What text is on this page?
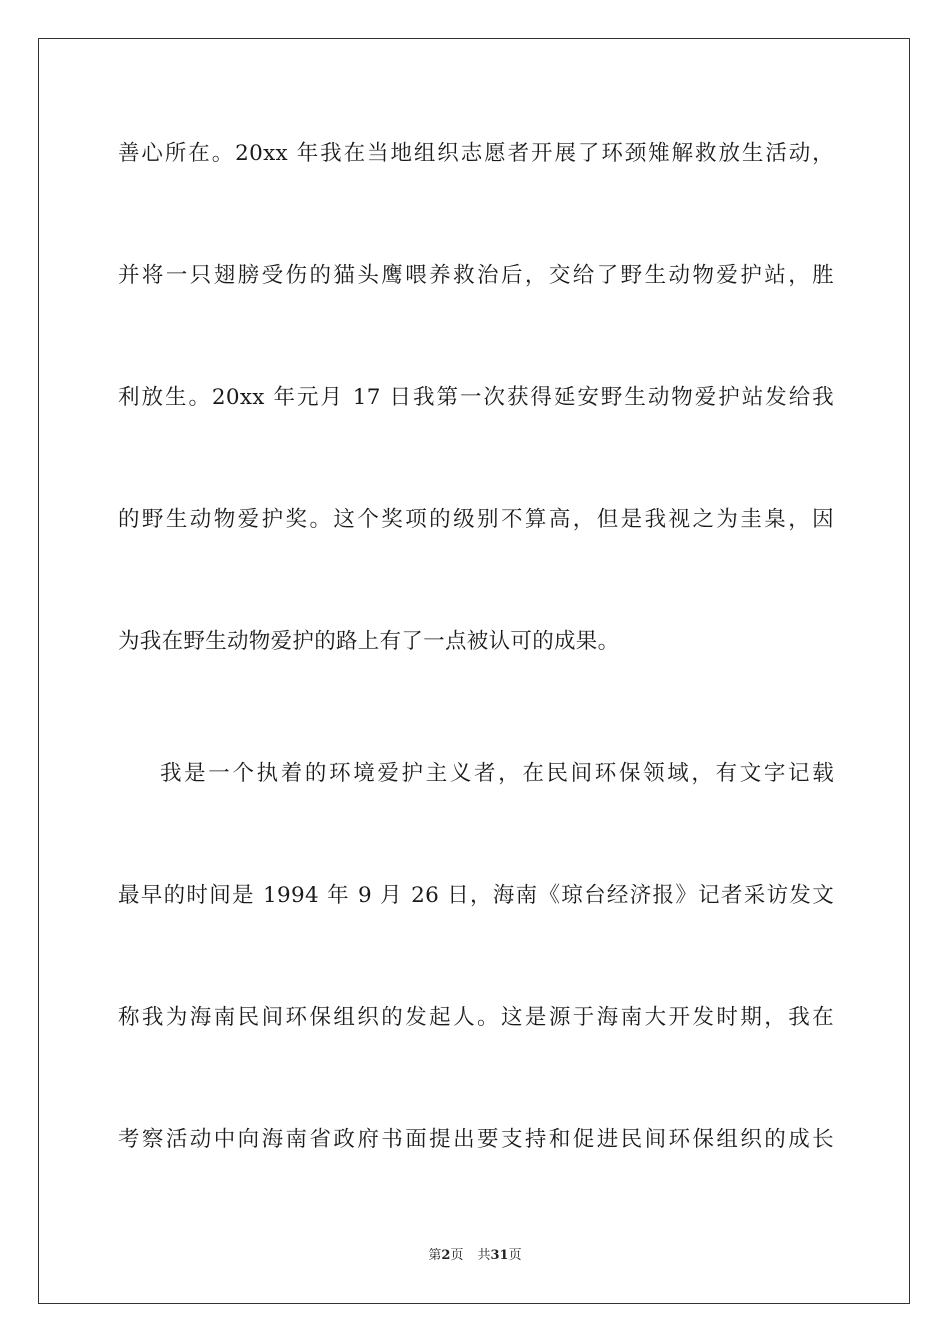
善心所在。20xx 年我在当地组织志愿者开展了环颈雉解救放生活动，
并将一只翅膀受伤的猫头鹰喂养救治后，交给了野生动物爱护站，胜
利放生。20xx 年元月 17 日我第一次获得延安野生动物爱护站发给我
的野生动物爱护奖。这个奖项的级别不算高，但是我视之为圭臬，因
为我在野生动物爱护的路上有了一点被认可的成果。
我是一个执着的环境爱护主义者，在民间环保领域，有文字记载
最早的时间是 1994 年 9 月 26 日，海南《琼台经济报》记者采访发文
称我为海南民间环保组织的发起人。这是源于海南大开发时期，我在
考察活动中向海南省政府书面提出要支持和促进民间环保组织的成长
第2页 共31页
